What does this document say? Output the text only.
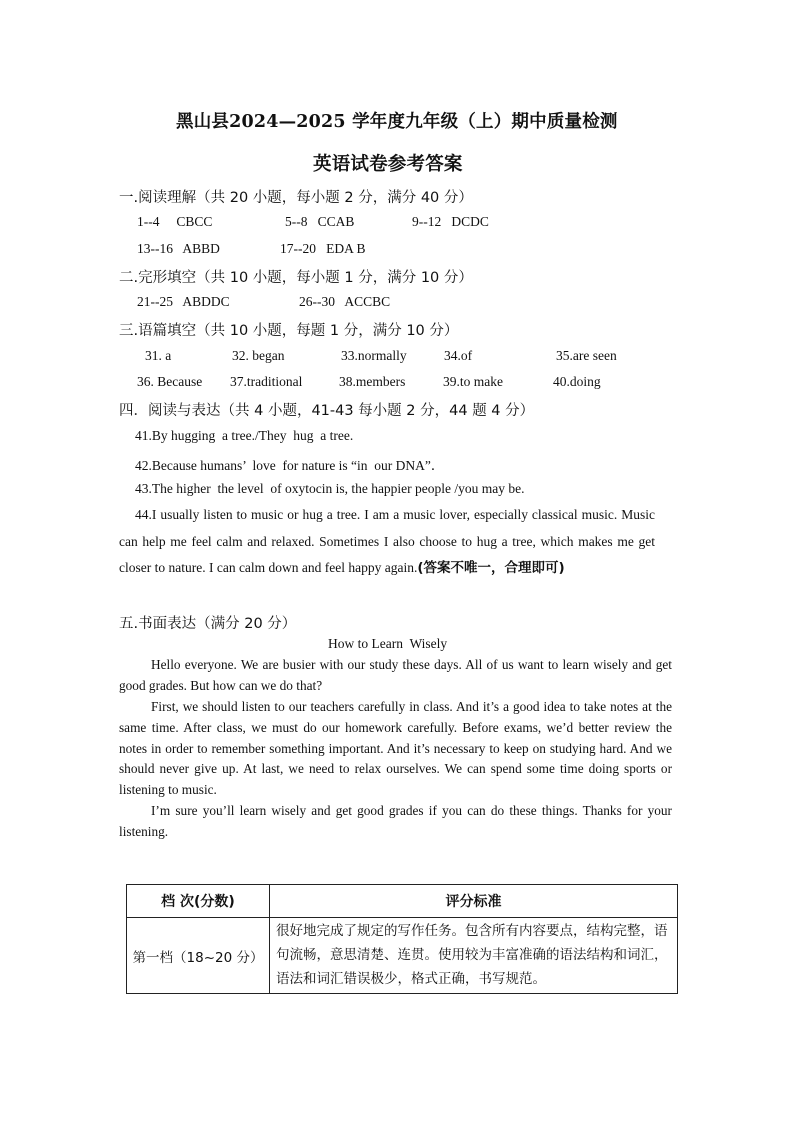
黑山县2024—2025 学年度九年级（上）期中质量检测
英语试卷参考答案
一.阅读理解（共 20 小题，每小题 2 分，满分 40 分）
1--4     CBCC	5--8   CCAB	9--12   DCDC
13--16   ABBD	17--20   EDA B
二.完形填空（共 10 小题，每小题 1 分，满分 10 分）
21--25   ABDDC	26--30   ACCBC
三.语篇填空（共 10 小题，每题 1 分，满分 10 分）
31. a	32. began	33.normally	34.of	35.are seen
36. Because 37.traditional	38.members	39.to make	40.doing
四．阅读与表达（共 4 小题，41-43 每小题 2 分，44 题 4 分）
41.By hugging  a tree./They  hug  a tree.
42.Because humans’  love  for nature is “in  our DNA”．
43.The higher  the level  of oxytocin is, the happier people /you may be.
44.I usually listen to music or hug a tree. I am a music lover, especially classical music. Music can help me feel calm and relaxed. Sometimes I also choose to hug a tree, which makes me get closer to nature. I can calm down and feel happy again.(答案不唯一，合理即可)
五.书面表达（满分 20 分）
How to Learn  Wisely
Hello everyone. We are busier with our study these days. All of us want to learn wisely and get good grades. But how can we do that?
First, we should listen to our teachers carefully in class. And it’s a good idea to take notes at the same time. After class, we must do our homework carefully. Before exams, we’d better review the notes in order to remember something important. And it’s necessary to keep on studying hard. And we should never give up. At last, we need to relax ourselves. We can spend some time doing sports or listening to music.
I’m sure you’ll learn wisely and get good grades if you can do these things. Thanks for your listening.
档 次(分数)	评分标准
第一档（18~20 分）	很好地完成了规定的写作任务。包含所有内容要点，结构完整，语句流畅，意思清楚、连贯。使用较为丰富准确的语法结构和词汇，语法和词汇错误极少，格式正确，书写规范。
